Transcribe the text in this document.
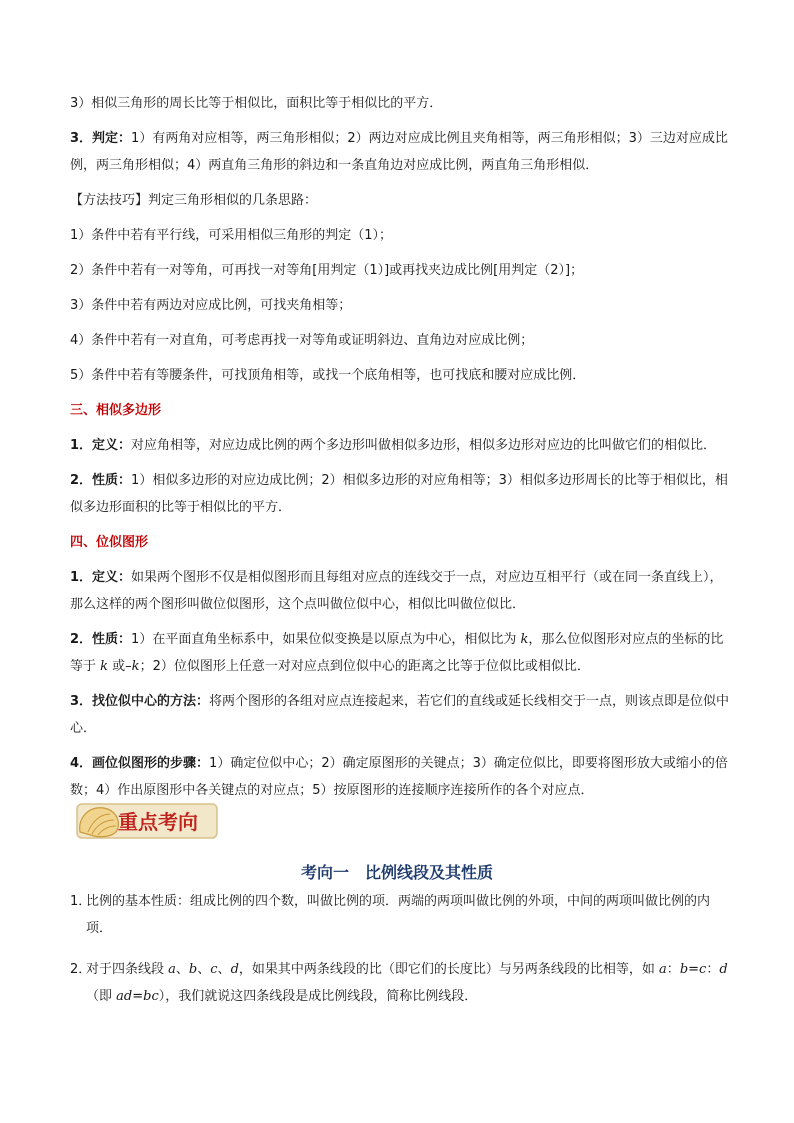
3）相似三角形的周长比等于相似比，面积比等于相似比的平方．

3．判定：1）有两角对应相等，两三角形相似；2）两边对应成比例且夹角相等，两三角形相似；3）三边对应成比例，两三角形相似；4）两直角三角形的斜边和一条直角边对应成比例，两直角三角形相似．

【方法技巧】判定三角形相似的几条思路：

1）条件中若有平行线，可采用相似三角形的判定（1）；

2）条件中若有一对等角，可再找一对等角[用判定（1）]或再找夹边成比例[用判定（2）]；

3）条件中若有两边对应成比例，可找夹角相等；

4）条件中若有一对直角，可考虑再找一对等角或证明斜边、直角边对应成比例；

5）条件中若有等腰条件，可找顶角相等，或找一个底角相等，也可找底和腰对应成比例．

三、相似多边形

1．定义：对应角相等，对应边成比例的两个多边形叫做相似多边形，相似多边形对应边的比叫做它们的相似比．

2．性质：1）相似多边形的对应边成比例；2）相似多边形的对应角相等；3）相似多边形周长的比等于相似比，相似多边形面积的比等于相似比的平方．

四、位似图形

1．定义：如果两个图形不仅是相似图形而且每组对应点的连线交于一点，对应边互相平行（或在同一条直线上），那么这样的两个图形叫做位似图形，这个点叫做位似中心，相似比叫做位似比．

2．性质：1）在平面直角坐标系中，如果位似变换是以原点为中心，相似比为 k，那么位似图形对应点的坐标的比等于 k 或–k；2）位似图形上任意一对对应点到位似中心的距离之比等于位似比或相似比．

3．找位似中心的方法：将两个图形的各组对应点连接起来，若它们的直线或延长线相交于一点，则该点即是位似中心．

4．画位似图形的步骤：1）确定位似中心；2）确定原图形的关键点；3）确定位似比，即要将图形放大或缩小的倍数；4）作出原图形中各关键点的对应点；5）按原图形的连接顺序连接所作的各个对应点．

重点考向
考向一 比例线段及其性质

1．
比例的基本性质：组成比例的四个数，叫做比例的项．两端的两项叫做比例的外项，中间的两项叫做比例的内项．

2．
对于四条线段 a、b、c、d，如果其中两条线段的比（即它们的长度比）与另两条线段的比相等，如 a：b=c：d（即 ad=bc），我们就说这四条线段是成比例线段，简称比例线段．
